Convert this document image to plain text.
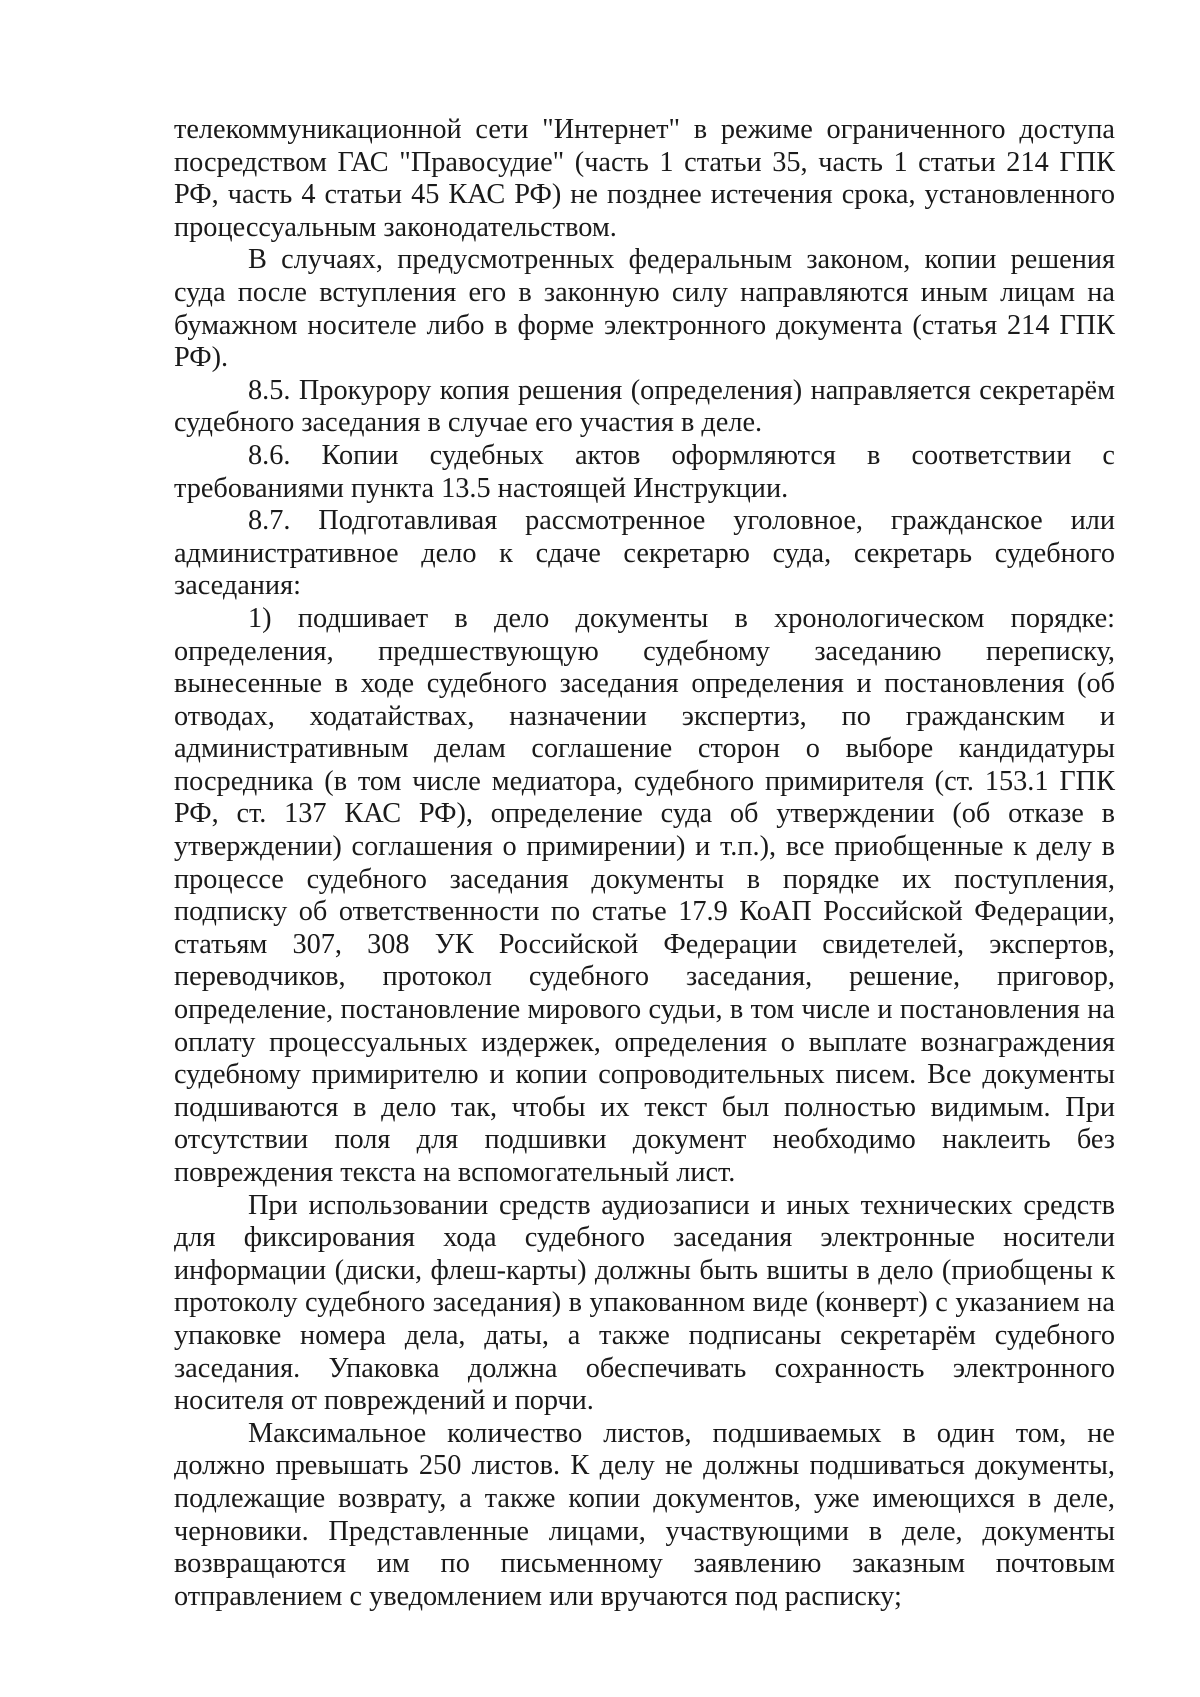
телекоммуникационной сети "Интернет" в режиме ограниченного доступа посредством ГАС "Правосудие" (часть 1 статьи 35, часть 1 статьи 214 ГПК РФ, часть 4 статьи 45 КАС РФ) не позднее истечения срока, установленного процессуальным законодательством.

В случаях, предусмотренных федеральным законом, копии решения суда после вступления его в законную силу направляются иным лицам на бумажном носителе либо в форме электронного документа (статья 214 ГПК РФ).

8.5. Прокурору копия решения (определения) направляется секретарём судебного заседания в случае его участия в деле.

8.6. Копии судебных актов оформляются в соответствии с требованиями пункта 13.5 настоящей Инструкции.

8.7. Подготавливая рассмотренное уголовное, гражданское или административное дело к сдаче секретарю суда, секретарь судебного заседания:

1) подшивает в дело документы в хронологическом порядке: определения, предшествующую судебному заседанию переписку, вынесенные в ходе судебного заседания определения и постановления (об отводах, ходатайствах, назначении экспертиз, по гражданским и административным делам соглашение сторон о выборе кандидатуры посредника (в том числе медиатора, судебного примирителя (ст. 153.1 ГПК РФ, ст. 137 КАС РФ), определение суда об утверждении (об отказе в утверждении) соглашения о примирении) и т.п.), все приобщенные к делу в процессе судебного заседания документы в порядке их поступления, подписку об ответственности по статье 17.9 КоАП Российской Федерации, статьям 307, 308 УК Российской Федерации свидетелей, экспертов, переводчиков, протокол судебного заседания, решение, приговор, определение, постановление мирового судьи, в том числе и постановления на оплату процессуальных издержек, определения о выплате вознаграждения судебному примирителю и копии сопроводительных писем. Все документы подшиваются в дело так, чтобы их текст был полностью видимым. При отсутствии поля для подшивки документ необходимо наклеить без повреждения текста на вспомогательный лист.

При использовании средств аудиозаписи и иных технических средств для фиксирования хода судебного заседания электронные носители информации (диски, флеш-карты) должны быть вшиты в дело (приобщены к протоколу судебного заседания) в упакованном виде (конверт) с указанием на упаковке номера дела, даты, а также подписаны секретарём судебного заседания. Упаковка должна обеспечивать сохранность электронного носителя от повреждений и порчи.

Максимальное количество листов, подшиваемых в один том, не должно превышать 250 листов. К делу не должны подшиваться документы, подлежащие возврату, а также копии документов, уже имеющихся в деле, черновики. Представленные лицами, участвующими в деле, документы возвращаются им по письменному заявлению заказным почтовым отправлением с уведомлением или вручаются под расписку;
